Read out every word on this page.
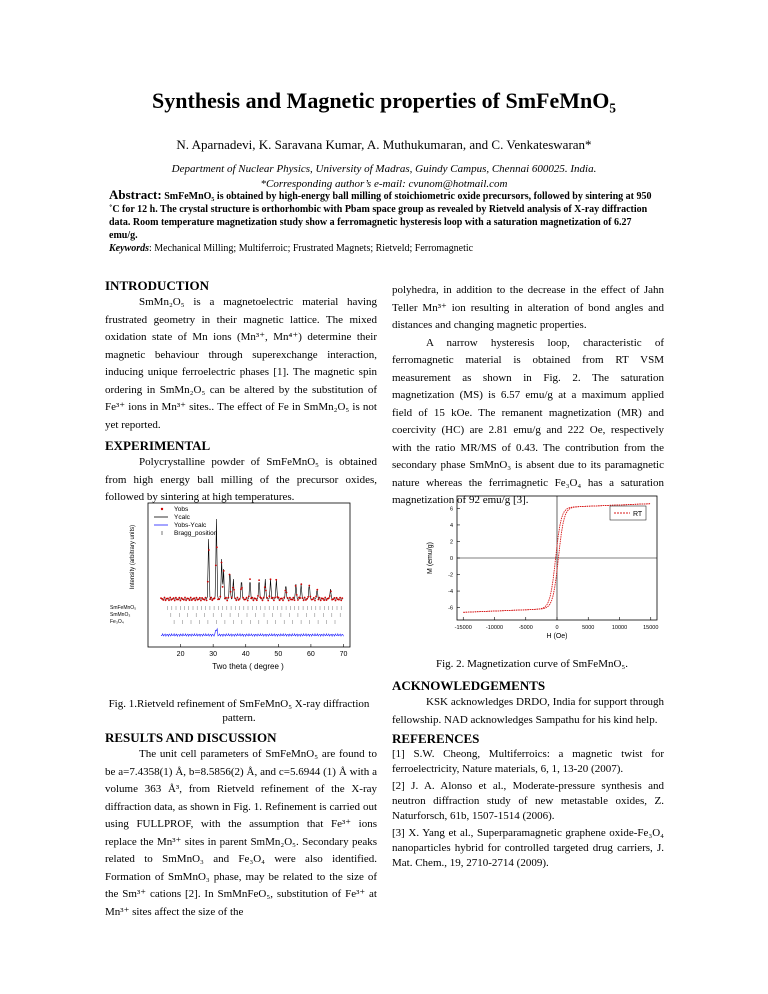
Synthesis and Magnetic properties of SmFeMnO₅
N. Aparnadevi, K. Saravana Kumar, A. Muthukumaran, and C. Venkateswaran*
Department of Nuclear Physics, University of Madras, Guindy Campus, Chennai 600025. India.
*Corresponding author’s e-mail: cvunom@hotmail.com
Abstract: SmFeMnO₅ is obtained by high-energy ball milling of stoichiometric oxide precursors, followed by sintering at 950 ˚C for 12 h. The crystal structure is orthorhombic with Pbam space group as revealed by Rietveld analysis of X-ray diffraction data. Room temperature magnetization study show a ferromagnetic hysteresis loop with a saturation magnetization of 6.27 emu/g.
Keywords: Mechanical Milling; Multiferroic; Frustrated Magnets; Rietveld; Ferromagnetic
INTRODUCTION
SmMn₂O₅ is a magnetoelectric material having frustrated geometry in their magnetic lattice. The mixed oxidation state of Mn ions (Mn³⁺, Mn⁴⁺) determine their magnetic behaviour through superexchange interaction, inducing unique ferroelectric phases [1]. The magnetic spin ordering in SmMn₂O₅ can be altered by the substitution of Fe³⁺ ions in Mn³⁺ sites.. The effect of Fe in SmMn₂O₅ is not yet reported.
EXPERIMENTAL
Polycrystalline powder of SmFeMnO₅ is obtained from high energy ball milling of the precursor oxides, followed by sintering at high temperatures.
polyhedra, in addition to the decrease in the effect of Jahn Teller Mn³⁺ ion resulting in alteration of bond angles and distances and changing magnetic properties.
A narrow hysteresis loop, characteristic of ferromagnetic material is obtained from RT VSM measurement as shown in Fig. 2. The saturation magnetization (MS) is 6.57 emu/g at a maximum applied field of 15 kOe. The remanent magnetization (MR) and coercivity (HC) are 2.81 emu/g and 222 Oe, respectively with the ratio MR/MS of 0.43. The contribution from the secondary phase SmMnO₃ is absent due to its paramagnetic nature whereas the ferrimagnetic Fe₃O₄ has a saturation magnetization of 92 emu/g [3].
Intensity (arbitrary units)
Two theta ( degree )
20	30	40	50	60	70
Yobs
Ycalc
Yobs-Ycalc
Bragg_position
SmFeMnO₅
SmMnO₃
Fe₃O₄
Fig. 1.Rietveld refinement of SmFeMnO₅ X-ray diffraction pattern.
M (emu/g)
H (Oe)
-15000	-10000	-5000	0	5000	10000	15000
6
4
2
0
-2
-4
-6
RT
Fig. 2. Magnetization curve of SmFeMnO₅.
RESULTS AND DISCUSSION
The unit cell parameters of SmFeMnO₅ are found to be a=7.4358(1) Å, b=8.5856(2) Å, and c=5.6944 (1) Å with a volume 363 Å³, from Rietveld refinement of the X-ray diffraction data, as shown in Fig. 1. Refinement is carried out using FULLPROF, with the assumption that Fe³⁺ ions replace the Mn³⁺ sites in parent SmMn₂O₅. Secondary peaks related to SmMnO₃ and Fe₃O₄ were also identified. Formation of SmMnO₃ phase, may be related to the size of the Sm³⁺ cations [2]. In SmMnFeO₅, substitution of Fe³⁺ at Mn³⁺ sites affect the size of the
ACKNOWLEDGEMENTS
KSK acknowledges DRDO, India for support through fellowship. NAD acknowledges Sampathu for his kind help.
REFERENCES

[1] S.W. Cheong, Multiferroics: a magnetic twist for ferroelectricity, Nature materials, 6, 1, 13-20 (2007).

[2] J. A. Alonso et al., Moderate-pressure synthesis and neutron diffraction study of new metastable oxides, Z. Naturforsch, 61b, 1507-1514 (2006).

[3] X. Yang et al., Superparamagnetic graphene oxide-Fe₃O₄ nanoparticles hybrid for controlled targeted drug carriers, J. Mat. Chem., 19, 2710-2714 (2009).
